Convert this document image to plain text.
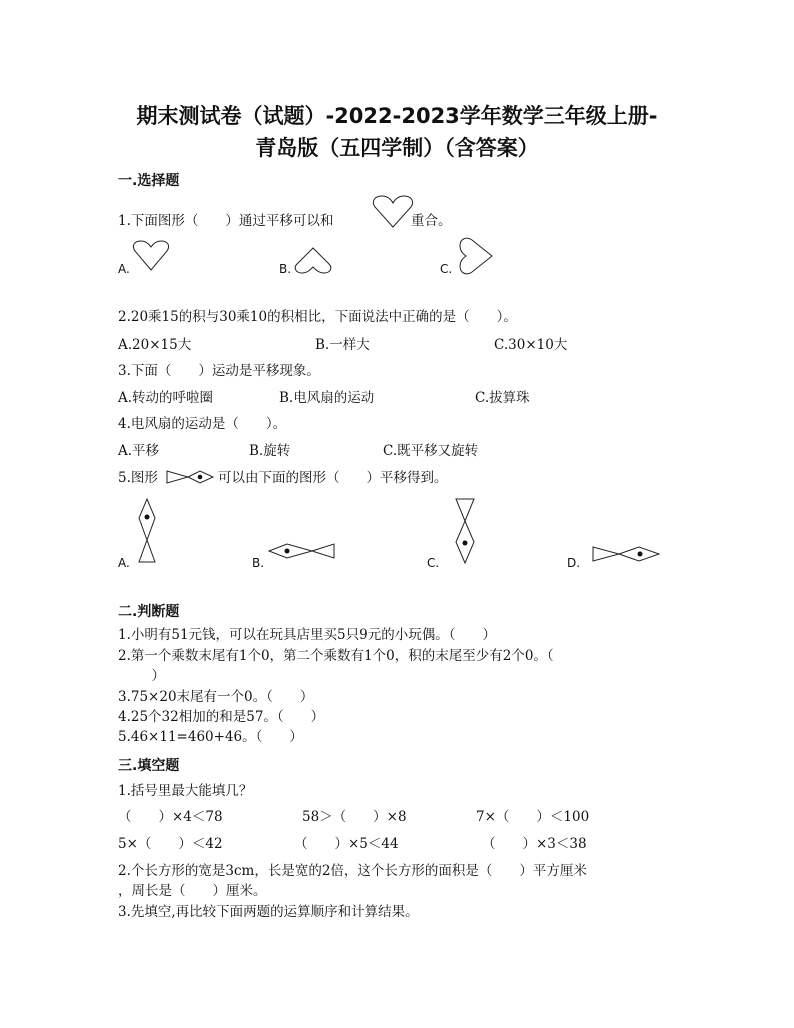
期末测试卷（试题）-2022-2023学年数学三年级上册-
青岛版（五四学制）（含答案）
一.选择题
1.下面图形（　　）通过平移可以和	重合。
A.	B.	C.
2.20乘15的积与30乘10的积相比，下面说法中正确的是（　　）。
A.20×15大	B.一样大	C.30×10大
3.下面（　　）运动是平移现象。
A.转动的呼啦圈	B.电风扇的运动	C.拔算珠
4.电风扇的运动是（　　）。
A.平移	B.旋转	C.既平移又旋转
5.图形	可以由下面的图形（　　）平移得到。
A.	B.	C.	D.
二.判断题
1.小明有51元钱，可以在玩具店里买5只9元的小玩偶。（　　）
2.第一个乘数末尾有1个0，第二个乘数有1个0，积的末尾至少有2个0。（
　）
3.75×20末尾有一个0。（　　）
4.25个32相加的和是57。（　　）
5.46×11=460+46。（　　）
三.填空题
1.括号里最大能填几？
（　　）×4＜78	58＞（　　）×8	7×（　　）＜100
5×（　　）＜42	（　　）×5＜44	（　　）×3＜38
2.个长方形的宽是3cm，长是宽的2倍，这个长方形的面积是（　　）平方厘米
，周长是（　　）厘米。
3.先填空,再比较下面两题的运算顺序和计算结果。
